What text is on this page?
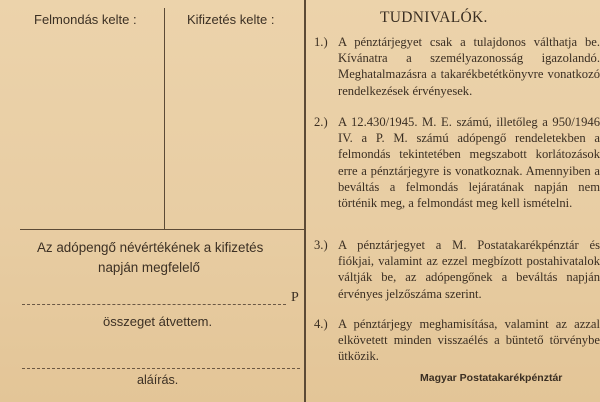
Felmondás kelte :	Kifizetés kelte :
Az adópengő névértékének a kifizetés
napján megfelelő
P
összeget átvettem.
aláírás.
TUDNIVALÓK.
1.) A pénztárjegyet csak a tulajdonos válthatja be. Kívánatra a személyazonosság igazolandó. Meghatalmazásra a takarékbetétkönyvre vonatkozó rendelkezések érvényesek.
2.) A 12.430/1945. M. E. számú, illetőleg a 950/1946 IV. a P. M. számú adópengő rendeletekben a felmondás tekintetében megszabott korlátozások erre a pénztárjegyre is vonatkoznak. Amennyiben a beváltás a felmondás lejáratának napján nem történik meg, a felmondást meg kell ismételni.
3.) A pénztárjegyet a M. Postatakarékpénztár és fiókjai, valamint az ezzel megbízott postahivatalok váltják be, az adópengőnek a beváltás napján érvényes jelzőszáma szerint.
4.) A pénztárjegy meghamisítása, valamint az azzal elkövetett minden visszaélés a büntető törvénybe ütközik.
Magyar Postatakarékpénztár
